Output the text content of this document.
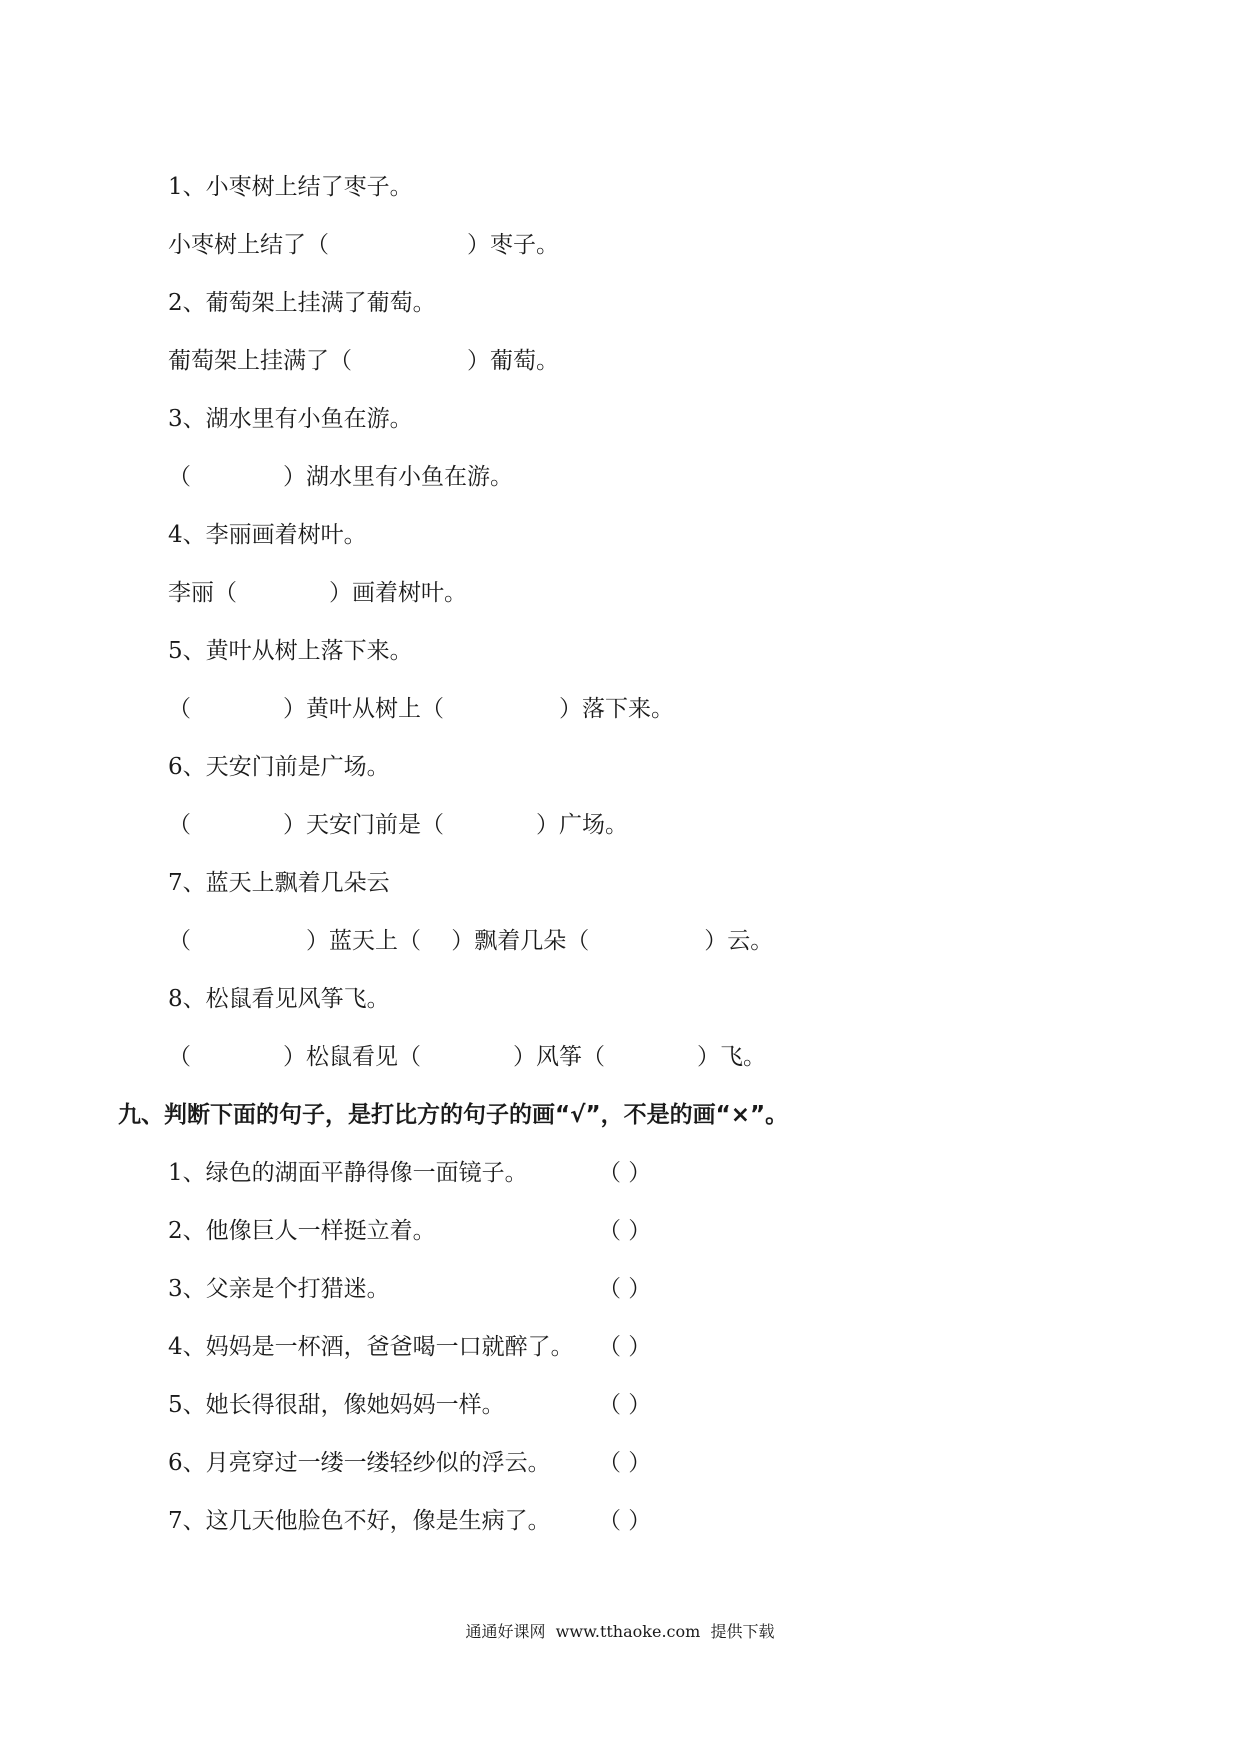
1、小枣树上结了枣子。

小枣树上结了（　　　　　　）枣子。

2、葡萄架上挂满了葡萄。

葡萄架上挂满了（　　　　　）葡萄。

3、湖水里有小鱼在游。

（　　　　）湖水里有小鱼在游。

4、李丽画着树叶。

李丽（　　　　）画着树叶。

5、黄叶从树上落下来。

（　　　　）黄叶从树上（　　　　　）落下来。

6、天安门前是广场。

（　　　　）天安门前是（　　　　）广场。

7、蓝天上飘着几朵云

（　　　　　）蓝天上（　 ）飘着几朵（　　　　　）云。

8、松鼠看见风筝飞。

（　　　　）松鼠看见（　　　　）风筝（　　　　）飞。

九、判断下面的句子，是打比方的句子的画“√”，不是的画“×”。

1、绿色的湖面平静得像一面镜子。	（ ）

2、他像巨人一样挺立着。	（ ）

3、父亲是个打猎迷。	（ ）

4、妈妈是一杯酒，爸爸喝一口就醉了。 （ ）

5、她长得很甜，像她妈妈一样。	（ ）

6、月亮穿过一缕一缕轻纱似的浮云。 （ ）

7、这几天他脸色不好，像是生病了。 （ ）

通通好课网  www.tthaoke.com  提供下载
